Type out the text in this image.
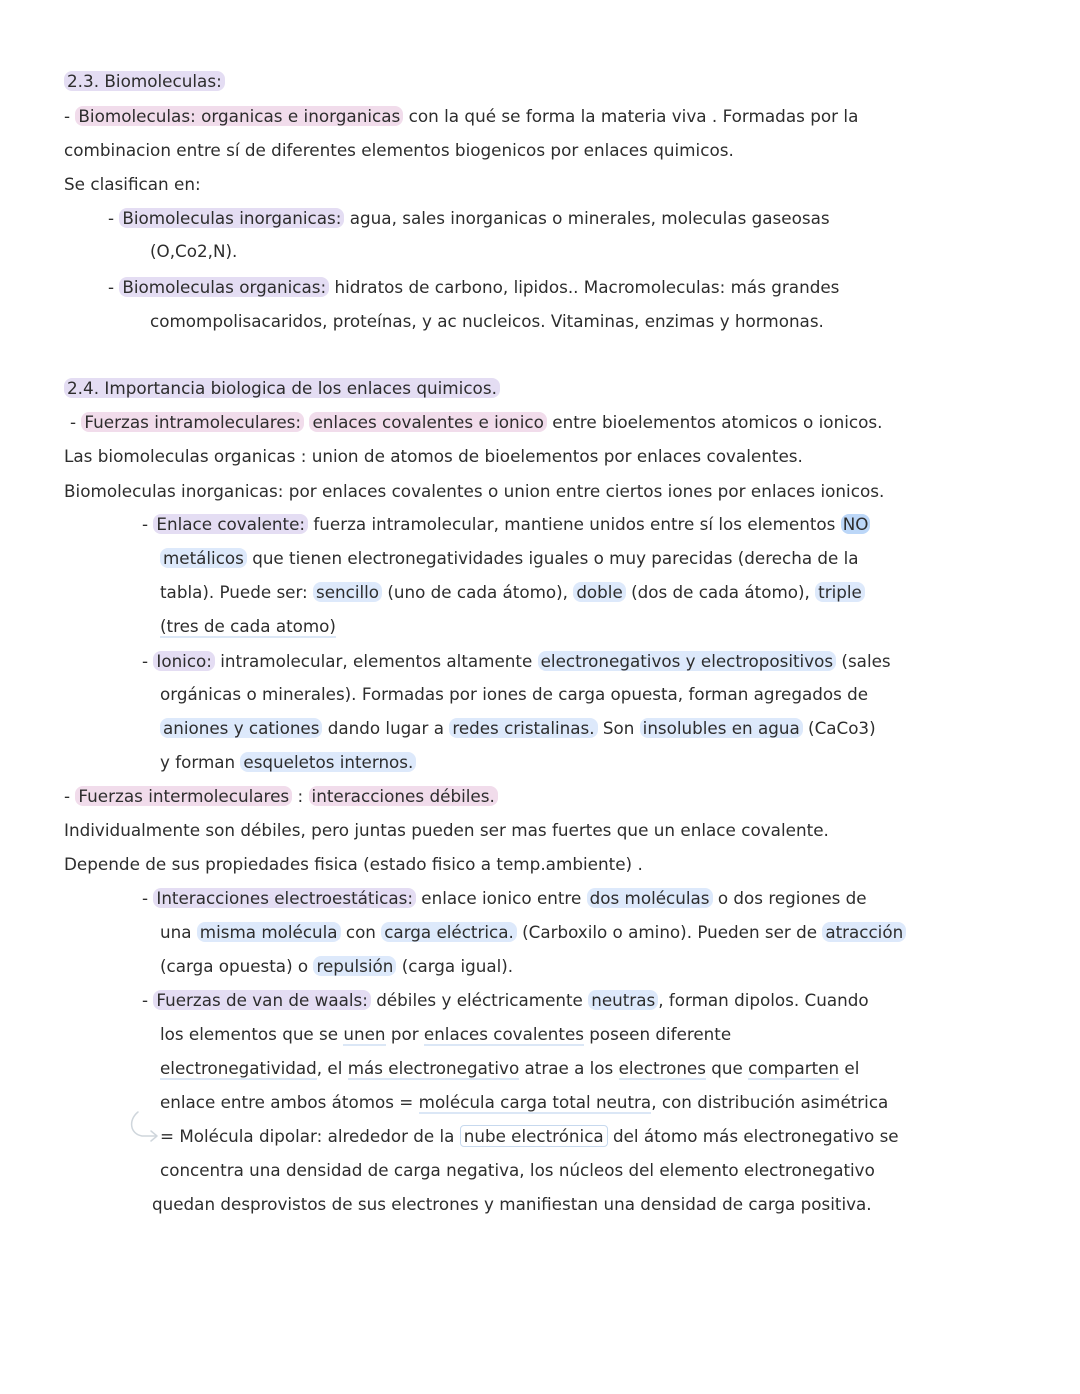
2.3. Biomoleculas:
- Biomoleculas: organicas e inorganicas con la qué se forma la materia viva . Formadas por la
combinacion entre sí de diferentes elementos biogenicos por enlaces quimicos.
Se clasifican en:
- Biomoleculas inorganicas: agua, sales inorganicas o minerales, moleculas gaseosas
(O,Co2,N).
- Biomoleculas organicas: hidratos de carbono, lipidos.. Macromoleculas: más grandes
comompolisacaridos, proteínas, y ac nucleicos. Vitaminas, enzimas y hormonas.
2.4. Importancia biologica de los enlaces quimicos.
- Fuerzas intramoleculares: enlaces covalentes e ionico entre bioelementos atomicos o ionicos.
Las biomoleculas organicas : union de atomos de bioelementos por enlaces covalentes.
Biomoleculas inorganicas: por enlaces covalentes o union entre ciertos iones por enlaces ionicos.
- Enlace covalente: fuerza intramolecular, mantiene unidos entre sí los elementos NO
metálicos que tienen electronegatividades iguales o muy parecidas (derecha de la
tabla). Puede ser: sencillo (uno de cada átomo), doble (dos de cada átomo), triple
(tres de cada atomo)
- Ionico: intramolecular, elementos altamente electronegativos y electropositivos (sales
orgánicas o minerales). Formadas por iones de carga opuesta, forman agregados de
aniones y cationes dando lugar a redes cristalinas. Son insolubles en agua (CaCo3)
y forman esqueletos internos.
- Fuerzas intermoleculares : interacciones débiles.
Individualmente son débiles, pero juntas pueden ser mas fuertes que un enlace covalente.
Depende de sus propiedades fisica (estado fisico a temp.ambiente) .
- Interacciones electroestáticas: enlace ionico entre dos moléculas o dos regiones de
una misma molécula con carga eléctrica. (Carboxilo o amino). Pueden ser de atracción
(carga opuesta) o repulsión (carga igual).
- Fuerzas de van de waals: débiles y eléctricamente neutras , forman dipolos. Cuando
los elementos que se unen por enlaces covalentes poseen diferente
electronegatividad, el más electronegativo atrae a los electrones que comparten el
enlace entre ambos átomos = molécula carga total neutra, con distribución asimétrica
= Molécula dipolar: alrededor de la nube electrónica del átomo más electronegativo se
concentra una densidad de carga negativa, los núcleos del elemento electronegativo
quedan desprovistos de sus electrones y manifiestan una densidad de carga positiva.
